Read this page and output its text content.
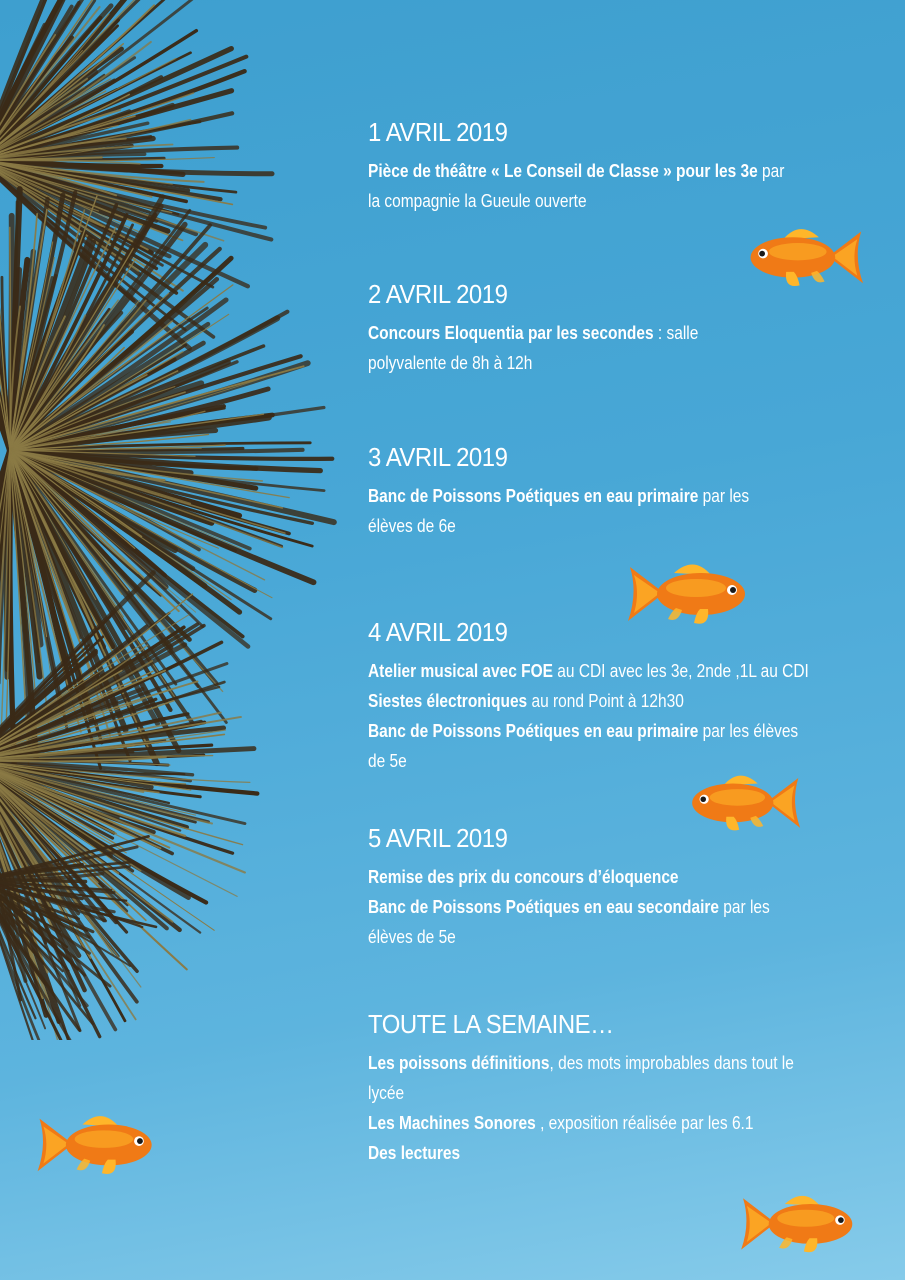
1 AVRIL 2019
Pièce de théâtre « Le Conseil de Classe » pour les 3e par
la compagnie la Gueule ouverte
2 AVRIL 2019
Concours Eloquentia par les secondes : salle
polyvalente de 8h à 12h
3 AVRIL 2019
Banc de Poissons Poétiques en eau primaire par les
élèves de 6e
4 AVRIL 2019
Atelier musical avec FOE au CDI avec les 3e, 2nde ,1L au CDI
Siestes électroniques au rond Point à 12h30
Banc de Poissons Poétiques en eau primaire par les élèves
de 5e
5 AVRIL 2019
Remise des prix du concours d’éloquence
Banc de Poissons Poétiques en eau secondaire par les
élèves de 5e
TOUTE LA SEMAINE…
Les poissons définitions, des mots improbables dans tout le
lycée
Les Machines Sonores , exposition réalisée par les 6.1
Des lectures
